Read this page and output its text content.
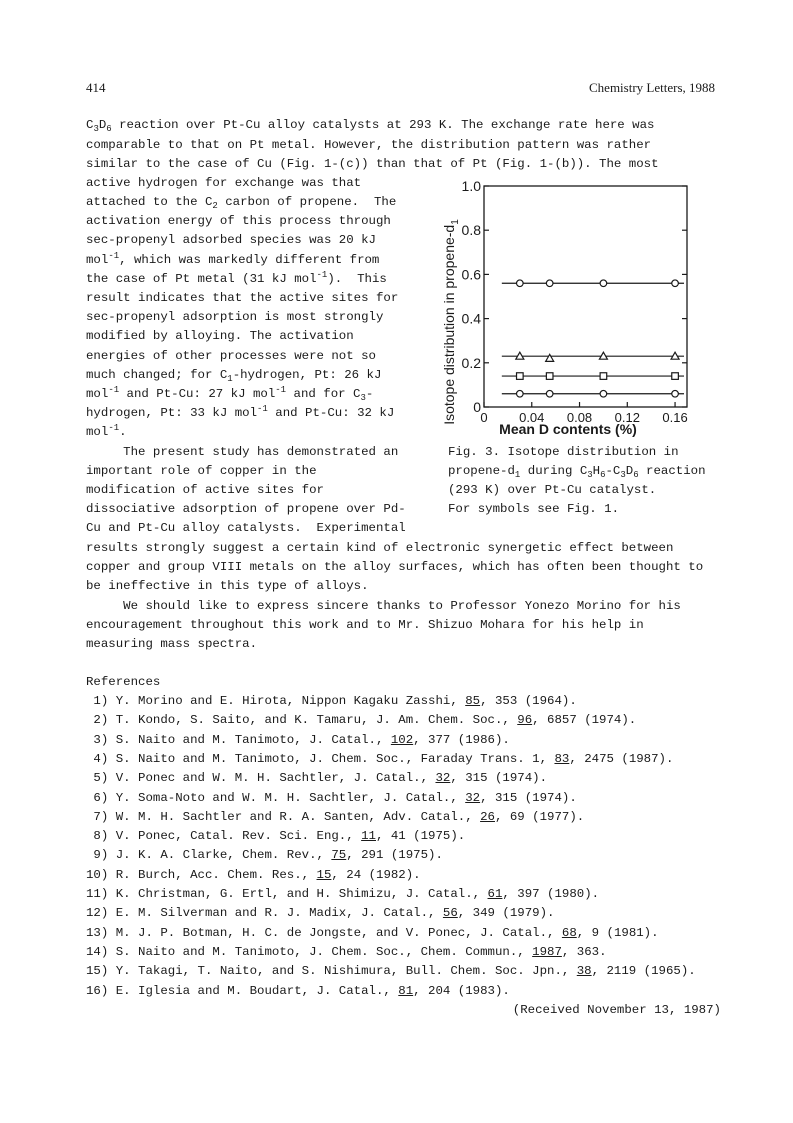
414	Chemistry Letters, 1988
$C_3D_6$ reaction over Pt-Cu alloy catalysts at 293 K. The exchange rate here was
comparable to that on Pt metal. However, the distribution pattern was rather
similar to the case of Cu (Fig. 1-(c)) than that of Pt (Fig. 1-(b)). The most
active hydrogen for exchange was that
attached to the $C_2$ carbon of propene.  The
activation energy of this process through
sec-propenyl adsorbed species was 20 kJ
mol$^{-1}$, which was markedly different from
the case of Pt metal (31 kJ mol$^{-1}$).  This
result indicates that the active sites for
sec-propenyl adsorption is most strongly
modified by alloying. The activation
energies of other processes were not so
much changed; for $C_1$-hydrogen, Pt: 26 kJ
mol$^{-1}$ and Pt-Cu: 27 kJ mol$^{-1}$ and for $C_3-$
hydrogen, Pt: 33 kJ mol$^{-1}$ and Pt-Cu: 32 kJ
mol$^{-1}$.
The present study has demonstrated an
important role of copper in the
modification of active sites for
dissociative adsorption of propene over Pd-
Cu and Pt-Cu alloy catalysts.  Experimental
0
0.2
0.4
0.6
0.8
1.0
0 0.04 0.08 0.12 0.16
Isotope distribution in propene-$d_1$
Mean D contents (%)
Fig. 3. Isotope distribution in
propene-$d_1$ during $C_3H_6-C_3D_6$ reaction
(293 K) over Pt-Cu catalyst.
For symbols see Fig. 1.
results strongly suggest a certain kind of electronic synergetic effect between
copper and group VIII metals on the alloy surfaces, which has often been thought to
be ineffective in this type of alloys.
We should like to express sincere thanks to Professor Yonezo Morino for his
encouragement throughout this work and to Mr. Shizuo Mohara for his help in
measuring mass spectra.
References
1) Y. Morino and E. Hirota, Nippon Kagaku Zasshi, 85, 353 (1964).
2) T. Kondo, S. Saito, and K. Tamaru, J. Am. Chem. Soc., 96, 6857 (1974).
3) S. Naito and M. Tanimoto, J. Catal., 102, 377 (1986).
4) S. Naito and M. Tanimoto, J. Chem. Soc., Faraday Trans. 1, 83, 2475 (1987).
5) V. Ponec and W. M. H. Sachtler, J. Catal., 32, 315 (1974).
6) Y. Soma-Noto and W. M. H. Sachtler, J. Catal., 32, 315 (1974).
7) W. M. H. Sachtler and R. A. Santen, Adv. Catal., 26, 69 (1977).
8) V. Ponec, Catal. Rev. Sci. Eng., 11, 41 (1975).
9) J. K. A. Clarke, Chem. Rev., 75, 291 (1975).
10) R. Burch, Acc. Chem. Res., 15, 24 (1982).
11) K. Christman, G. Ertl, and H. Shimizu, J. Catal., 61, 397 (1980).
12) E. M. Silverman and R. J. Madix, J. Catal., 56, 349 (1979).
13) M. J. P. Botman, H. C. de Jongste, and V. Ponec, J. Catal., 68, 9 (1981).
14) S. Naito and M. Tanimoto, J. Chem. Soc., Chem. Commun., 1987, 363.
15) Y. Takagi, T. Naito, and S. Nishimura, Bull. Chem. Soc. Jpn., 38, 2119 (1965).
16) E. Iglesia and M. Boudart, J. Catal., 81, 204 (1983).
(Received November 13, 1987)
